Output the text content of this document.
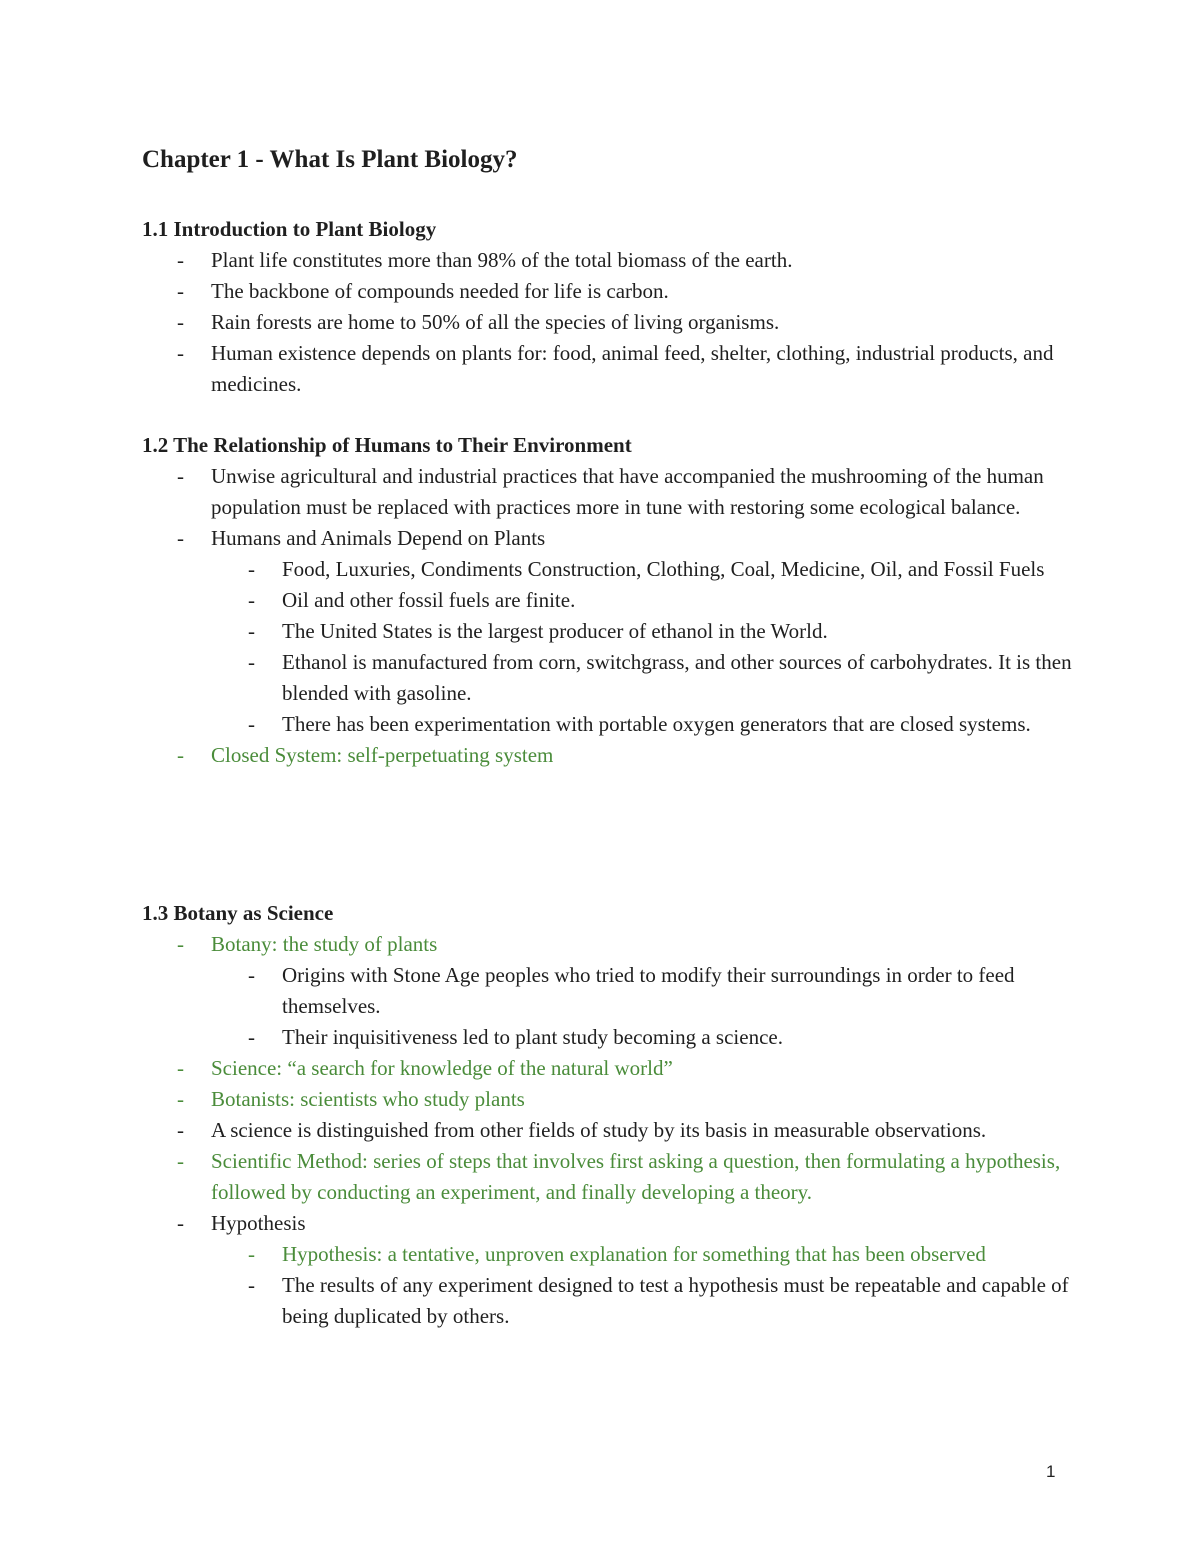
Chapter 1 - What Is Plant Biology?

1.1 Introduction to Plant Biology

- Plant life constitutes more than 98% of the total biomass of the earth.
- The backbone of compounds needed for life is carbon.
- Rain forests are home to 50% of all the species of living organisms.
- Human existence depends on plants for: food, animal feed, shelter, clothing, industrial products, and medicines.

1.2 The Relationship of Humans to Their Environment

- Unwise agricultural and industrial practices that have accompanied the mushrooming of the human population must be replaced with practices more in tune with restoring some ecological balance.
- Humans and Animals Depend on Plants
- Food, Luxuries, Condiments Construction, Clothing, Coal, Medicine, Oil, and Fossil Fuels
- Oil and other fossil fuels are finite.
- The United States is the largest producer of ethanol in the World.
- Ethanol is manufactured from corn, switchgrass, and other sources of carbohydrates. It is then blended with gasoline.
- There has been experimentation with portable oxygen generators that are closed systems.
- Closed System: self-perpetuating system

1.3 Botany as Science

- Botany: the study of plants
- Origins with Stone Age peoples who tried to modify their surroundings in order to feed themselves.
- Their inquisitiveness led to plant study becoming a science.
- Science: “a search for knowledge of the natural world”
- Botanists: scientists who study plants
- A science is distinguished from other fields of study by its basis in measurable observations.
- Scientific Method: series of steps that involves first asking a question, then formulating a hypothesis, followed by conducting an experiment, and finally developing a theory.
- Hypothesis
- Hypothesis: a tentative, unproven explanation for something that has been observed
- The results of any experiment designed to test a hypothesis must be repeatable and capable of being duplicated by others.
1
